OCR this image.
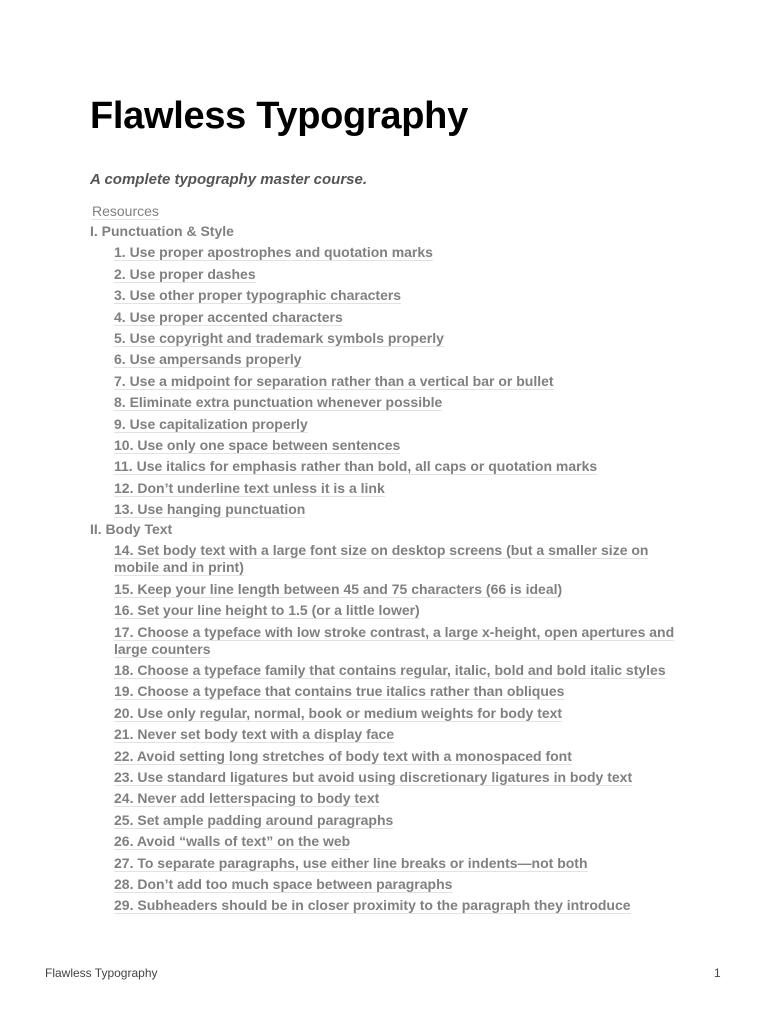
Flawless Typography

A complete typography master course.

Resources
I. Punctuation & Style
1. Use proper apostrophes and quotation marks
2. Use proper dashes
3. Use other proper typographic characters
4. Use proper accented characters
5. Use copyright and trademark symbols properly
6. Use ampersands properly
7. Use a midpoint for separation rather than a vertical bar or bullet
8. Eliminate extra punctuation whenever possible
9. Use capitalization properly
10. Use only one space between sentences
11. Use italics for emphasis rather than bold, all caps or quotation marks
12. Don’t underline text unless it is a link
13. Use hanging punctuation
II. Body Text
14. Set body text with a large font size on desktop screens (but a smaller size on mobile and in print)
15. Keep your line length between 45 and 75 characters (66 is ideal)
16. Set your line height to 1.5 (or a little lower)
17. Choose a typeface with low stroke contrast, a large x-height, open apertures and large counters
18. Choose a typeface family that contains regular, italic, bold and bold italic styles
19. Choose a typeface that contains true italics rather than obliques
20. Use only regular, normal, book or medium weights for body text
21. Never set body text with a display face
22. Avoid setting long stretches of body text with a monospaced font
23. Use standard ligatures but avoid using discretionary ligatures in body text
24. Never add letterspacing to body text
25. Set ample padding around paragraphs
26. Avoid “walls of text” on the web
27. To separate paragraphs, use either line breaks or indents—not both
28. Don’t add too much space between paragraphs
29. Subheaders should be in closer proximity to the paragraph they introduce
Flawless Typography	1
